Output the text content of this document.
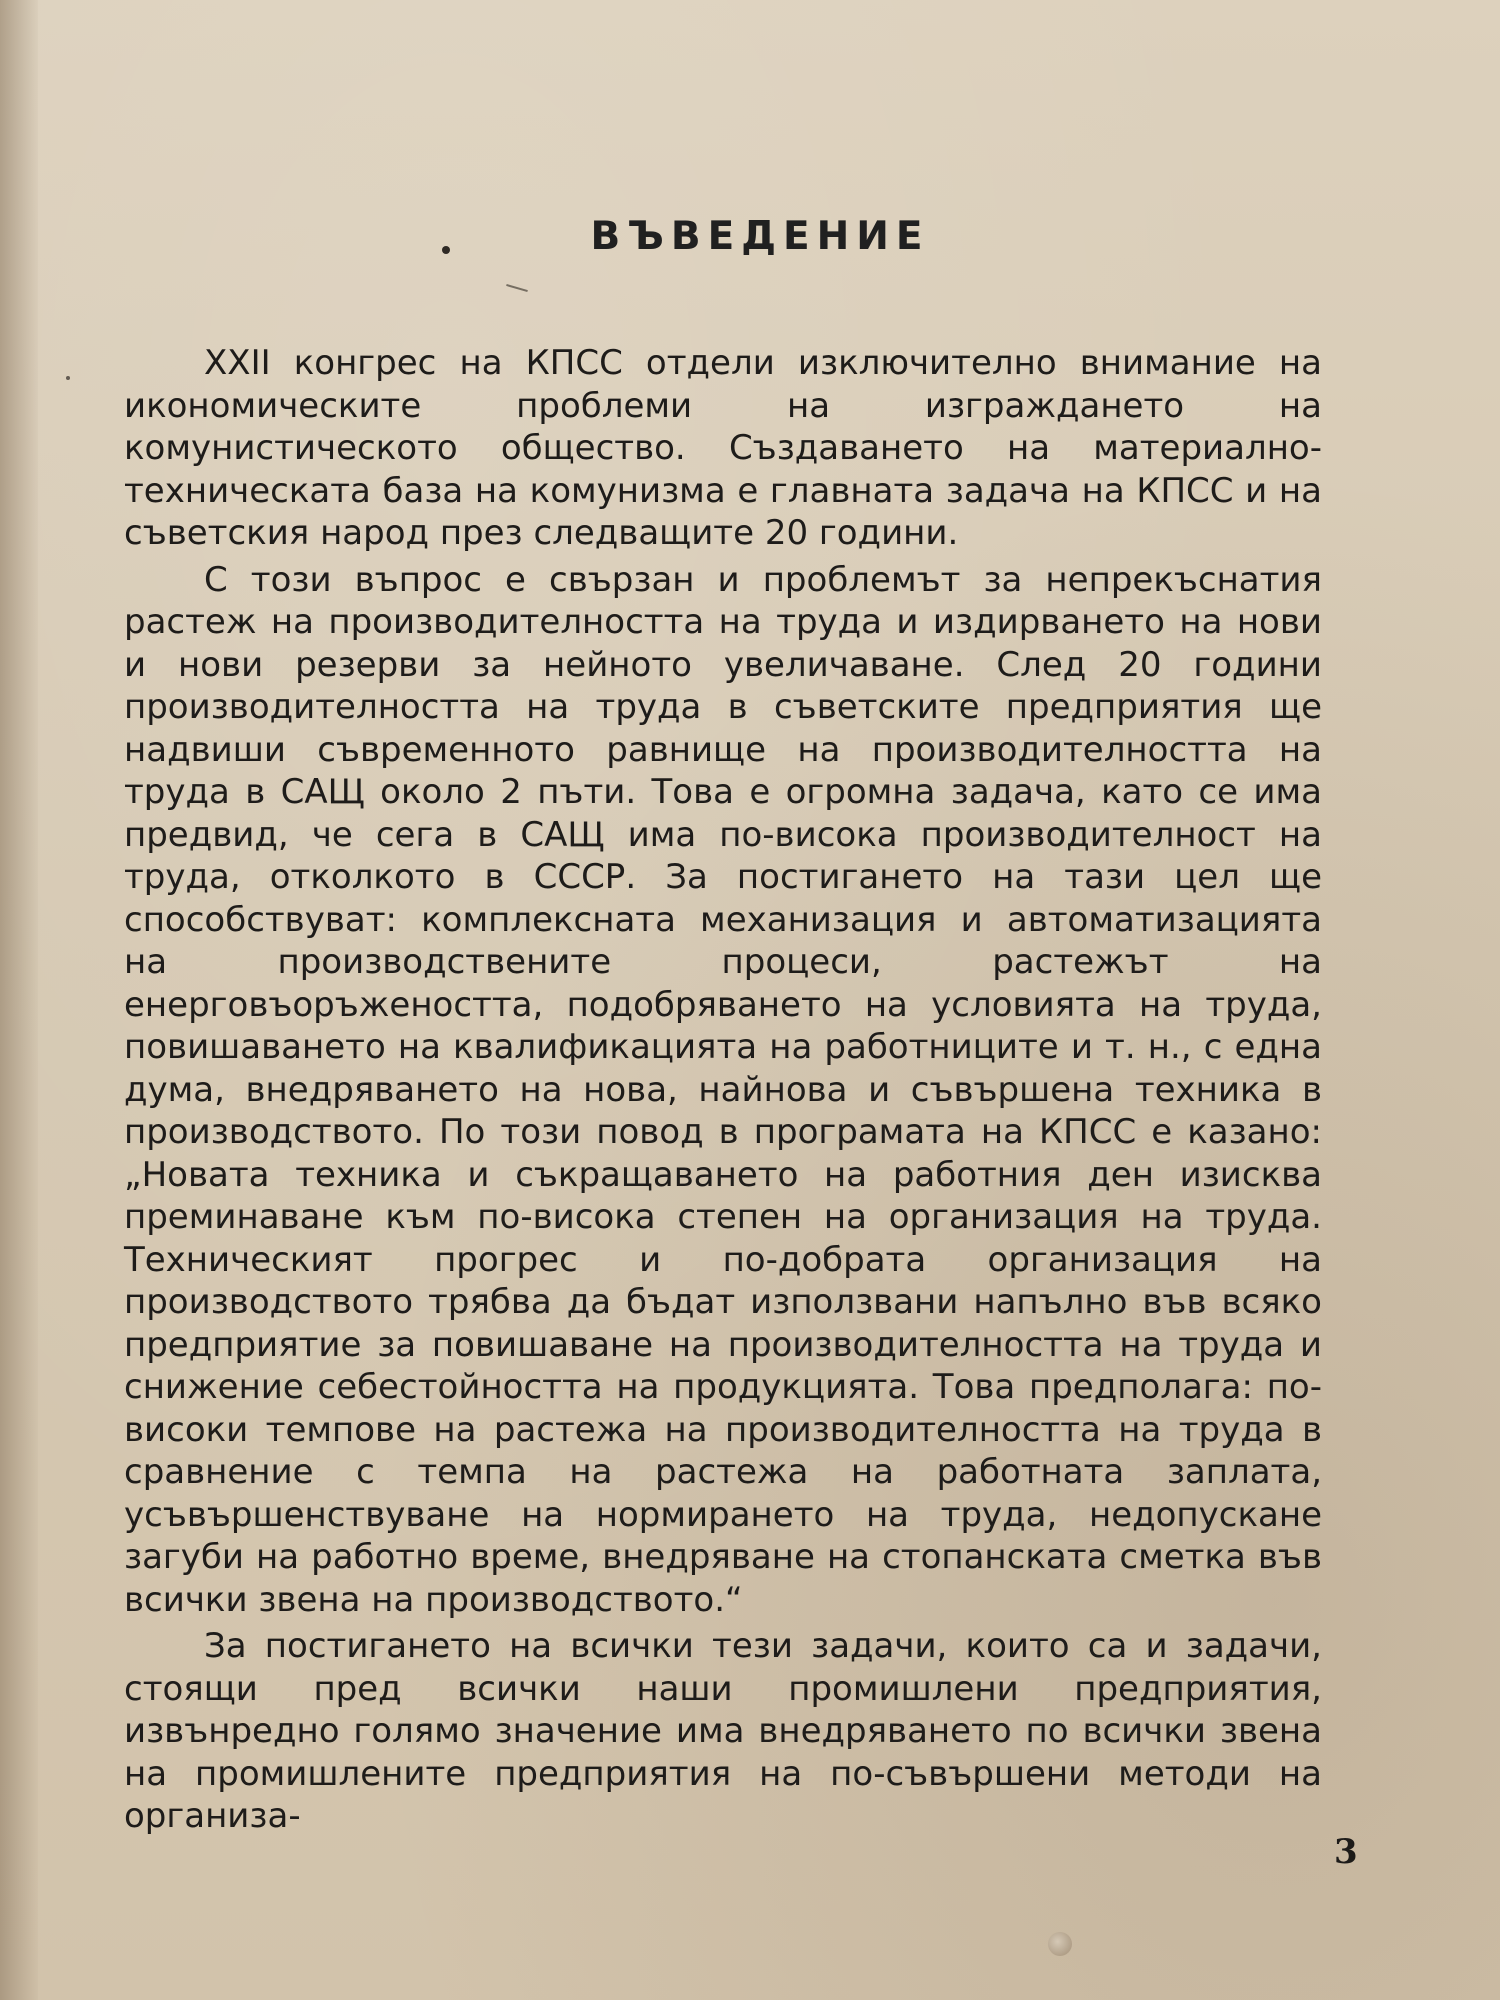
ВЪВЕДЕНИЕ

XXII конгрес на КПСС отдели изключително внимание на икономическите проблеми на изграждането на комунистическото общество. Създаването на материално-техническата база на комунизма е главната задача на КПСС и на съветския народ през следващите 20 години.

С този въпрос е свързан и проблемът за непрекъснатия растеж на производителността на труда и издирването на нови и нови резерви за нейното увеличаване. След 20 години производителността на труда в съветските предприятия ще надвиши съвременното равнище на производителността на труда в САЩ около 2 пъти. Това е огромна задача, като се има предвид, че сега в САЩ има по-висока производителност на труда, отколкото в СССР. За постигането на тази цел ще способствуват: комплексната механизация и автоматизацията на производствените процеси, растежът на енерговъоръжеността, подобряването на условията на труда, повишаването на квалификацията на работниците и т. н., с една дума, внедряването на нова, найнова и съвършена техника в производството. По този повод в програмата на КПСС е казано: „Новата техника и съкращаването на работния ден изисква преминаване към по-висока степен на организация на труда. Техническият прогрес и по-добрата организация на производството трябва да бъдат използвани напълно във всяко предприятие за повишаване на производителността на труда и снижение себестойността на продукцията. Това предполага: по-високи темпове на растежа на производителността на труда в сравнение с темпа на растежа на работната заплата, усъвършенствуване на нормирането на труда, недопускане загуби на работно време, внедряване на стопанската сметка във всички звена на производството.“

За постигането на всички тези задачи, които са и задачи, стоящи пред всички наши промишлени предприятия, извънредно голямо значение има внедряването по всички звена на промишлените предприятия на по-съвършени методи на организа-

3
